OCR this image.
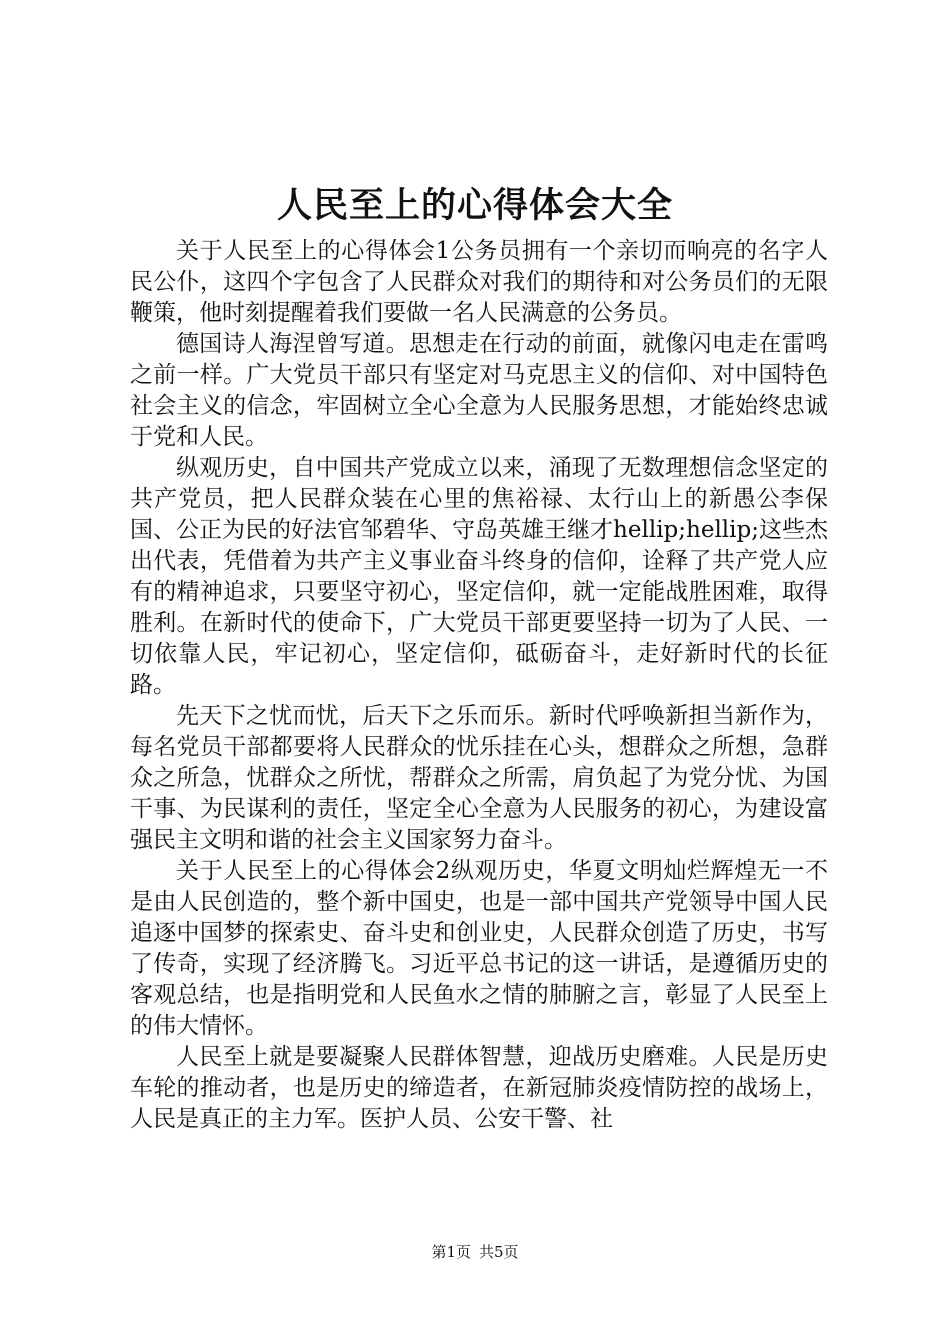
人民至上的心得体会大全

关于人民至上的心得体会1公务员拥有一个亲切而响亮的名字人民公仆，这四个字包含了人民群众对我们的期待和对公务员们的无限鞭策，他时刻提醒着我们要做一名人民满意的公务员。

德国诗人海涅曾写道。思想走在行动的前面，就像闪电走在雷鸣之前一样。广大党员干部只有坚定对马克思主义的信仰、对中国特色社会主义的信念，牢固树立全心全意为人民服务思想，才能始终忠诚于党和人民。

纵观历史，自中国共产党成立以来，涌现了无数理想信念坚定的共产党员，把人民群众装在心里的焦裕禄、太行山上的新愚公李保国、公正为民的好法官邹碧华、守岛英雄王继才hellip;hellip;这些杰出代表，凭借着为共产主义事业奋斗终身的信仰，诠释了共产党人应有的精神追求，只要坚守初心，坚定信仰，就一定能战胜困难，取得胜利。在新时代的使命下，广大党员干部更要坚持一切为了人民、一切依靠人民，牢记初心，坚定信仰，砥砺奋斗，走好新时代的长征路。

先天下之忧而忧，后天下之乐而乐。新时代呼唤新担当新作为，每名党员干部都要将人民群众的忧乐挂在心头，想群众之所想，急群众之所急，忧群众之所忧，帮群众之所需，肩负起了为党分忧、为国干事、为民谋利的责任，坚定全心全意为人民服务的初心，为建设富强民主文明和谐的社会主义国家努力奋斗。

关于人民至上的心得体会2纵观历史，华夏文明灿烂辉煌无一不是由人民创造的，整个新中国史，也是一部中国共产党领导中国人民追逐中国梦的探索史、奋斗史和创业史，人民群众创造了历史，书写了传奇，实现了经济腾飞。习近平总书记的这一讲话，是遵循历史的客观总结，也是指明党和人民鱼水之情的肺腑之言，彰显了人民至上的伟大情怀。

人民至上就是要凝聚人民群体智慧，迎战历史磨难。人民是历史车轮的推动者，也是历史的缔造者，在新冠肺炎疫情防控的战场上，人民是真正的主力军。医护人员、公安干警、社

第1页 共5页
